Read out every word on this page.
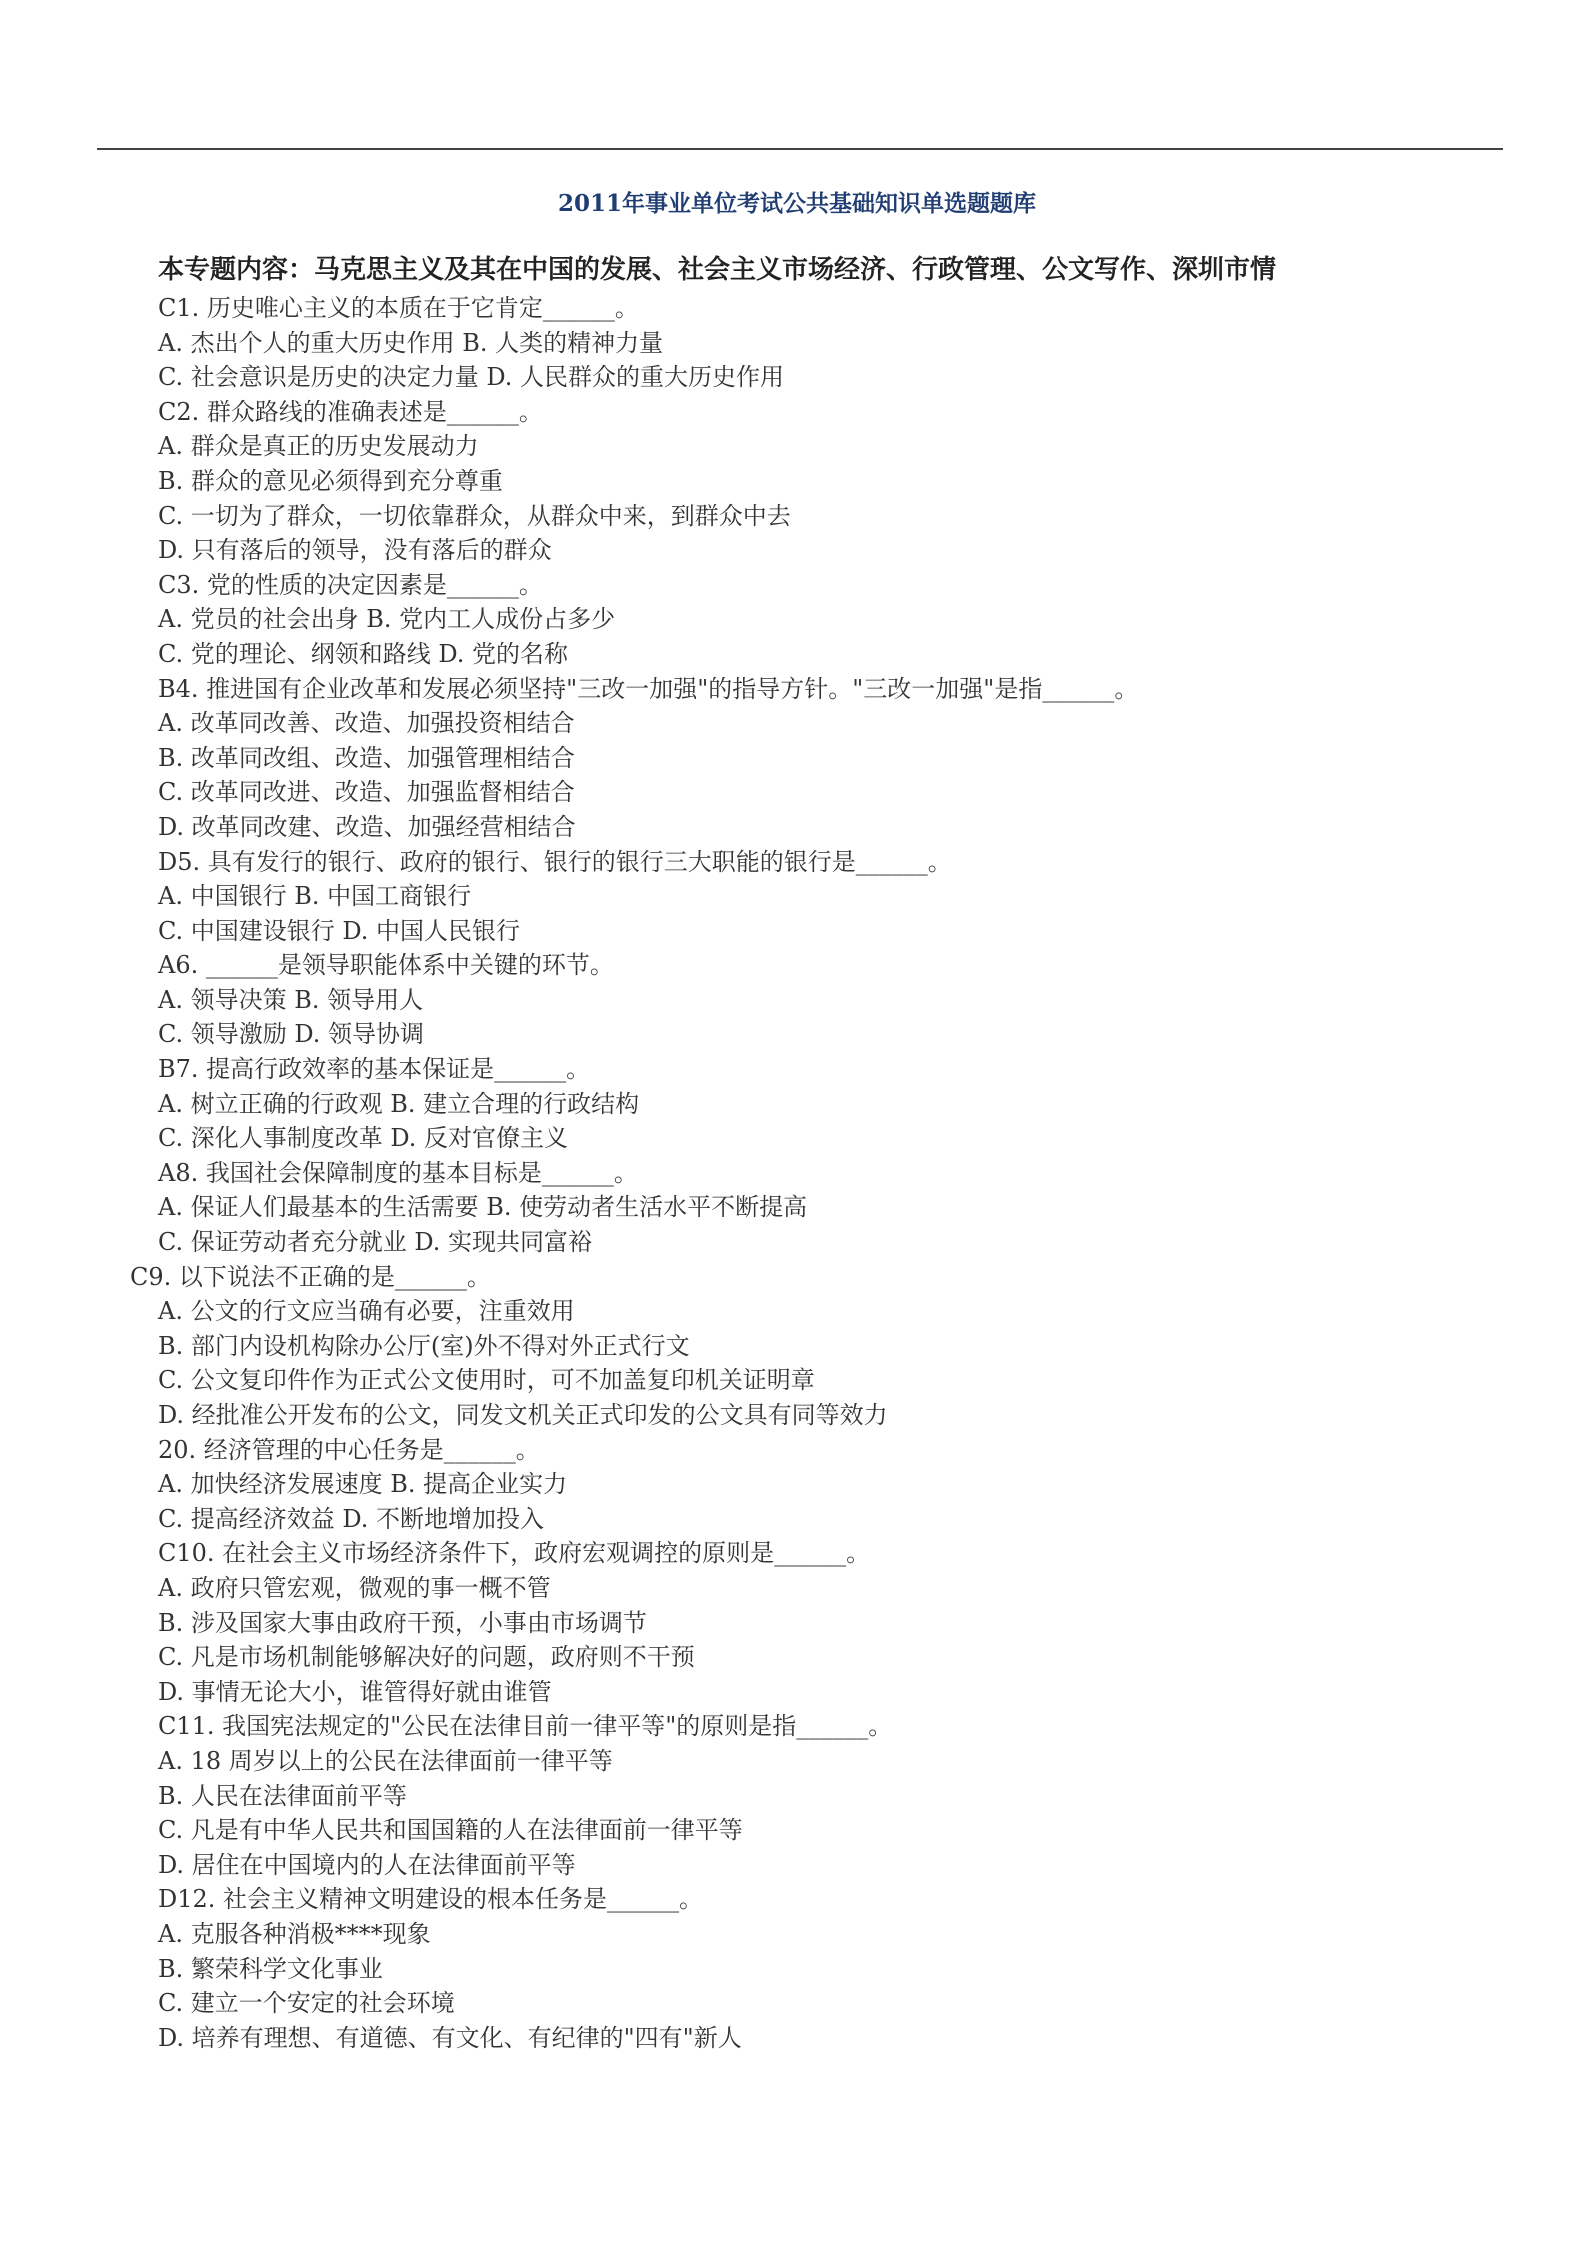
2011年事业单位考试公共基础知识单选题题库
本专题内容：马克思主义及其在中国的发展、社会主义市场经济、行政管理、公文写作、深圳市情
C1. 历史唯心主义的本质在于它肯定______。
A. 杰出个人的重大历史作用 B. 人类的精神力量
C. 社会意识是历史的决定力量 D. 人民群众的重大历史作用
C2. 群众路线的准确表述是______。
A. 群众是真正的历史发展动力
B. 群众的意见必须得到充分尊重
C. 一切为了群众，一切依靠群众，从群众中来，到群众中去
D. 只有落后的领导，没有落后的群众
C3. 党的性质的决定因素是______。
A. 党员的社会出身 B. 党内工人成份占多少
C. 党的理论、纲领和路线 D. 党的名称
B4. 推进国有企业改革和发展必须坚持"三改一加强"的指导方针。"三改一加强"是指______。
A. 改革同改善、改造、加强投资相结合
B. 改革同改组、改造、加强管理相结合
C. 改革同改进、改造、加强监督相结合
D. 改革同改建、改造、加强经营相结合
D5. 具有发行的银行、政府的银行、银行的银行三大职能的银行是______。
A. 中国银行 B. 中国工商银行
C. 中国建设银行 D. 中国人民银行
A6. ______是领导职能体系中关键的环节。
A. 领导决策 B. 领导用人
C. 领导激励 D. 领导协调
B7. 提高行政效率的基本保证是______。
A. 树立正确的行政观 B. 建立合理的行政结构
C. 深化人事制度改革 D. 反对官僚主义
A8. 我国社会保障制度的基本目标是______。
A. 保证人们最基本的生活需要 B. 使劳动者生活水平不断提高
C. 保证劳动者充分就业 D. 实现共同富裕
C9. 以下说法不正确的是______。
A. 公文的行文应当确有必要，注重效用
B. 部门内设机构除办公厅(室)外不得对外正式行文
C. 公文复印件作为正式公文使用时，可不加盖复印机关证明章
D. 经批准公开发布的公文，同发文机关正式印发的公文具有同等效力
20. 经济管理的中心任务是______。
A. 加快经济发展速度 B. 提高企业实力
C. 提高经济效益 D. 不断地增加投入
C10. 在社会主义市场经济条件下，政府宏观调控的原则是______。
A. 政府只管宏观，微观的事一概不管
B. 涉及国家大事由政府干预，小事由市场调节
C. 凡是市场机制能够解决好的问题，政府则不干预
D. 事情无论大小，谁管得好就由谁管
C11. 我国宪法规定的"公民在法律目前一律平等"的原则是指______。
A. 18 周岁以上的公民在法律面前一律平等
B. 人民在法律面前平等
C. 凡是有中华人民共和国国籍的人在法律面前一律平等
D. 居住在中国境内的人在法律面前平等
D12. 社会主义精神文明建设的根本任务是______。
A. 克服各种消极****现象
B. 繁荣科学文化事业
C. 建立一个安定的社会环境
D. 培养有理想、有道德、有文化、有纪律的"四有"新人
